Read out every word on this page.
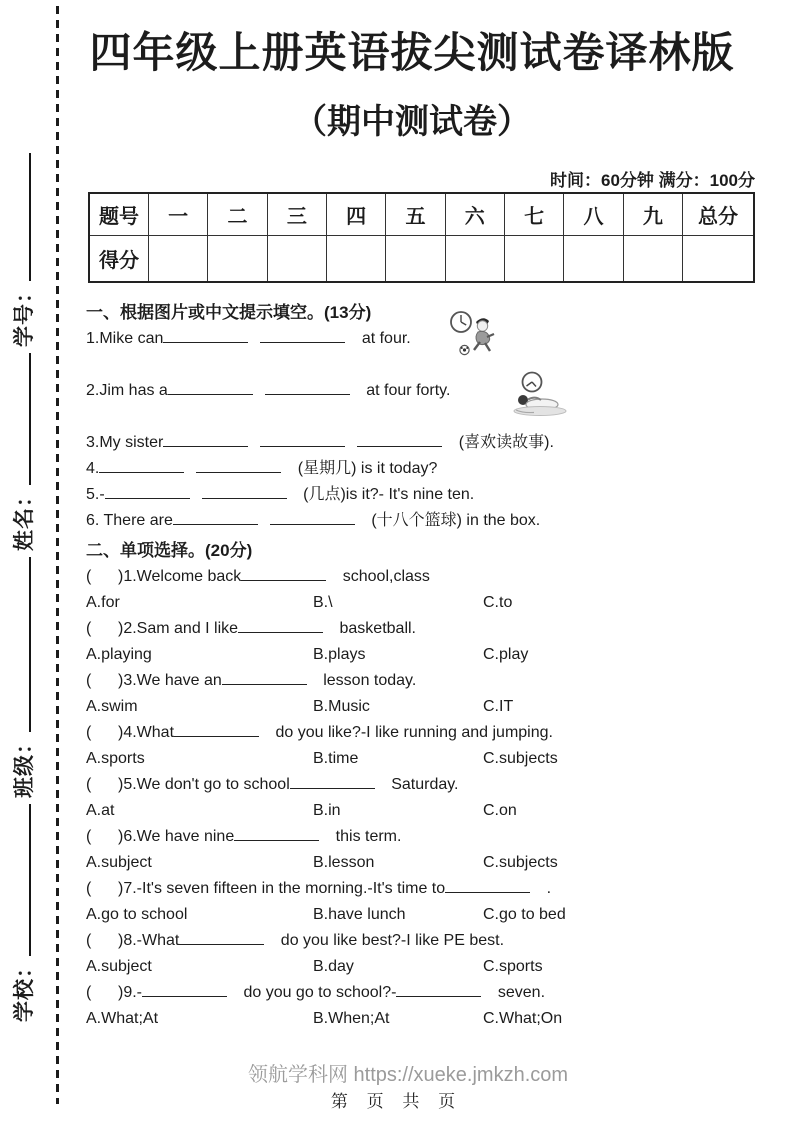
学校：班级：姓名：学号：
四年级上册英语拔尖测试卷译林版
（期中测试卷）
时间：60分钟 满分：100分
题号	一	二	三	四	五	六	七	八	九	总分
得分										
一、根据图片或中文提示填空。(13分)
1.Mike can	at four.
2.Jim has a	at four forty.
3.My sister	(喜欢读故事).
4.	(星期几) is it today?
5.-	(几点)is it?- It's nine ten.
6. There are	(十八个篮球) in the box.
二、单项选择。(20分)
(      )1.Welcome back	school,class
A.for	B.\	C.to
(      )2.Sam and I like	basketball.
A.playing	B.plays	C.play
(      )3.We have an	lesson today.
A.swim	B.Music	C.IT
(      )4.What	do you like?-I like running and jumping.
A.sports	B.time	C.subjects
(      )5.We don't go to school	Saturday.
A.at	B.in	C.on
(      )6.We have nine	this term.
A.subject	B.lesson	C.subjects
(      )7.-It's seven fifteen in the morning.-It's time to	.
A.go to school	B.have lunch	C.go to bed
(      )8.-What	do you like best?-I like PE best.
A.subject	B.day	C.sports
(      )9.-	do you go to school?-	seven.
A.What;At	B.When;At	C.What;On
领航学科网 https://xueke.jmkzh.com
第 页 共 页
